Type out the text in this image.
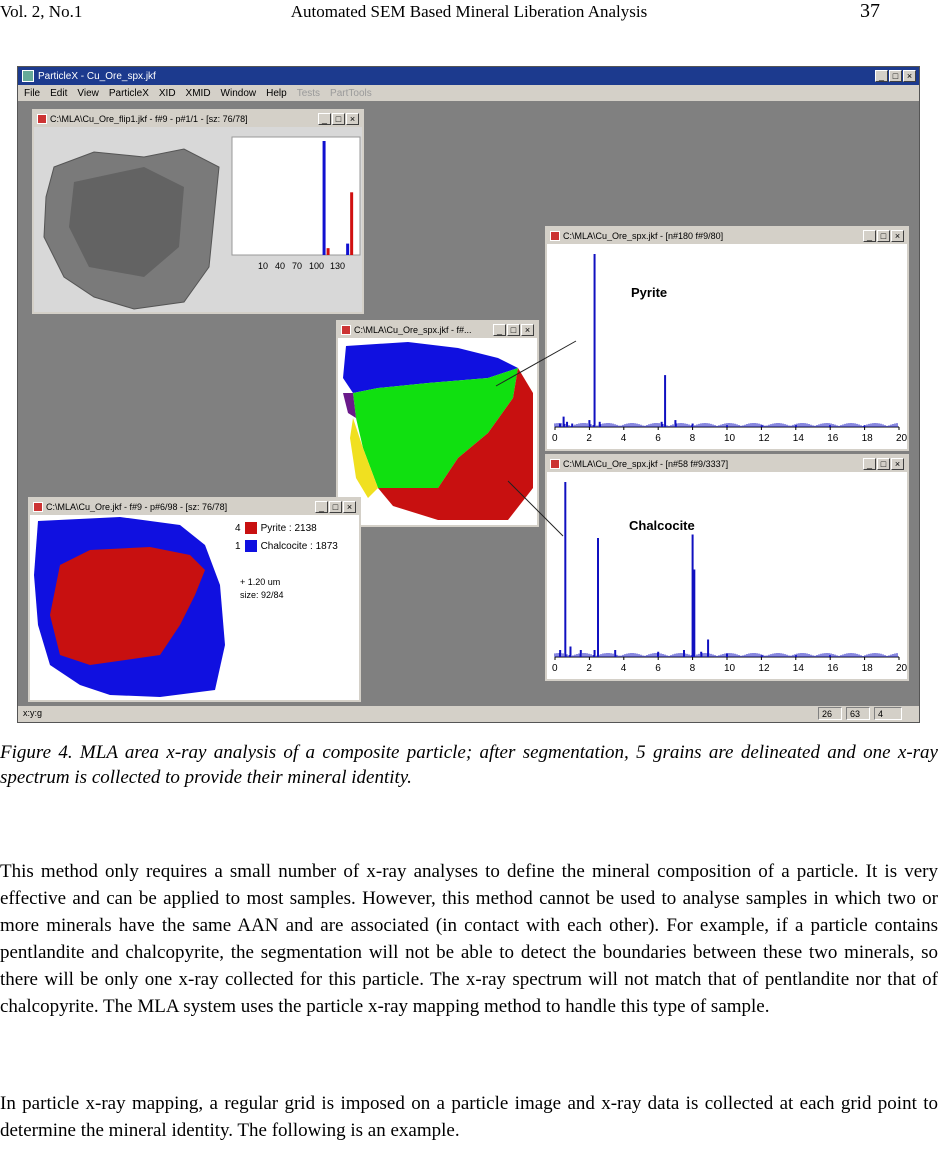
Vol. 2, No.1	Automated SEM Based Mineral Liberation Analysis	37
ParticleX - Cu_Ore_spx.jkf	_ □ ×
File Edit View ParticleX XID XMID Window Help Tests PartTools
C:\MLA\Cu_Ore_flip1.jkf - f#9 - p#1/1 - [sz: 76/78]	_ □ ×
10 40 70 100 130
C:\MLA\Cu_Ore_spx.jkf - f#...	_ □ ×
C:\MLA\Cu_Ore.jkf - f#9 - p#6/98 - [sz: 76/78]	_ □ ×
4 Pyrite : 2138
1 Chalcocite : 1873
+ 1.20 um
size: 92/84
C:\MLA\Cu_Ore_spx.jkf - [n#180 f#9/80]	_ □ ×
Pyrite
0	2	4	6	8	10 12 14 16 18 20
C:\MLA\Cu_Ore_spx.jkf - [n#58 f#9/3337]	_ □ ×
Chalcocite
0	2	4	6	8	10 12 14 16 18 20
x:y:g	26	63	4
Figure 4. MLA area x-ray analysis of a composite particle; after segmentation, 5 grains are delineated and one x-ray spectrum is collected to provide their mineral identity.
This method only requires a small number of x-ray analyses to define the mineral composition of a particle. It is very effective and can be applied to most samples. However, this method cannot be used to analyse samples in which two or more minerals have the same AAN and are associated (in contact with each other). For example, if a particle contains pentlandite and chalcopyrite, the segmentation will not be able to detect the boundaries between these two minerals, so there will be only one x-ray collected for this particle. The x-ray spectrum will not match that of pentlandite nor that of chalcopyrite. The MLA system uses the particle x-ray mapping method to handle this type of sample.
In particle x-ray mapping, a regular grid is imposed on a particle image and x-ray data is collected at each grid point to determine the mineral identity. The following is an example.
